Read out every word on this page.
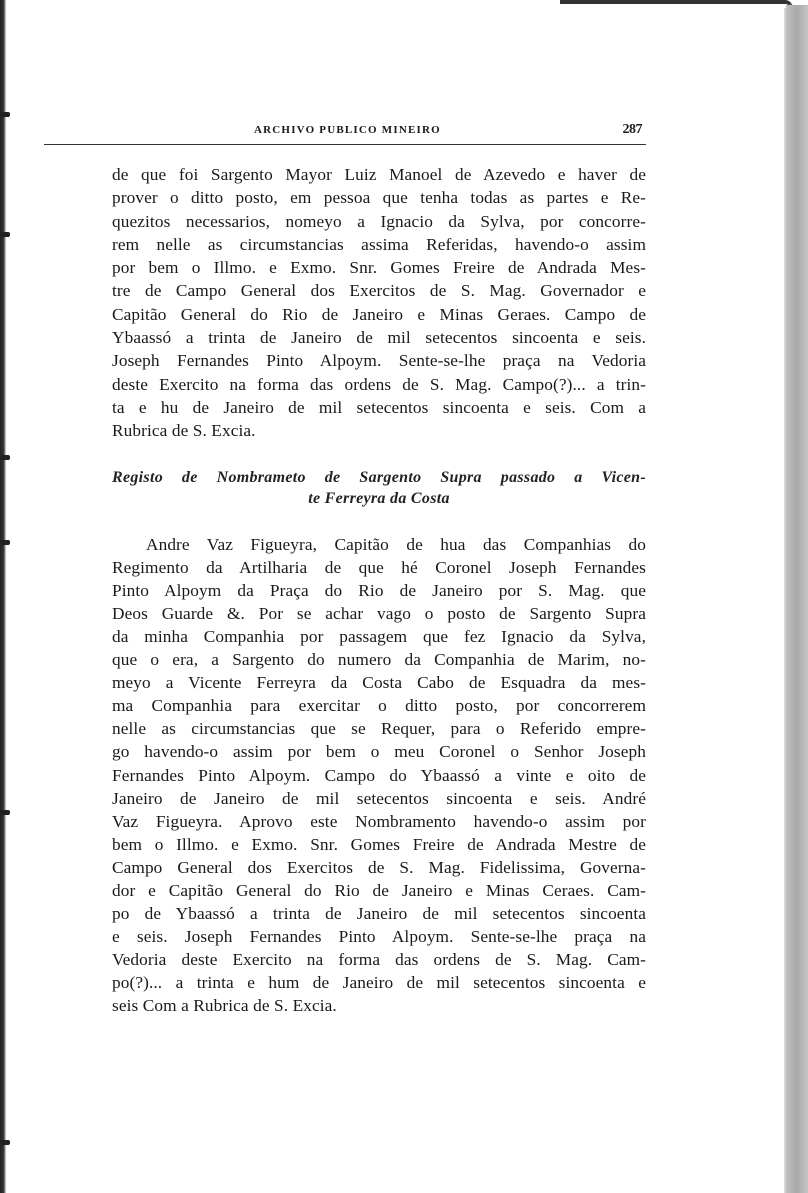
ARCHIVO PUBLICO MINEIRO	287
de que foi Sargento Mayor Luiz Manoel de Azevedo e haver de
prover o ditto posto, em pessoa que tenha todas as partes e Re-
quezitos necessarios, nomeyo a Ignacio da Sylva, por concorre-
rem nelle as circumstancias assima Referidas, havendo-o assim
por bem o Illmo. e Exmo. Snr. Gomes Freire de Andrada Mes-
tre de Campo General dos Exercitos de S. Mag. Governador e
Capitão General do Rio de Janeiro e Minas Geraes. Campo de
Ybaassó a trinta de Janeiro de mil setecentos sincoenta e seis.
Joseph Fernandes Pinto Alpoym. Sente-se-lhe praça na Vedoria
deste Exercito na forma das ordens de S. Mag. Campo(?)... a trin-
ta e hu de Janeiro de mil setecentos sincoenta e seis. Com a
Rubrica de S. Excia.
Registo de Nombrameto de Sargento Supra passado a Vicen-
te Ferreyra da Costa
Andre Vaz Figueyra, Capitão de hua das Companhias do
Regimento da Artilharia de que hé Coronel Joseph Fernandes
Pinto Alpoym da Praça do Rio de Janeiro por S. Mag. que
Deos Guarde &. Por se achar vago o posto de Sargento Supra
da minha Companhia por passagem que fez Ignacio da Sylva,
que o era, a Sargento do numero da Companhia de Marim, no-
meyo a Vicente Ferreyra da Costa Cabo de Esquadra da mes-
ma Companhia para exercitar o ditto posto, por concorrerem
nelle as circumstancias que se Requer, para o Referido empre-
go havendo-o assim por bem o meu Coronel o Senhor Joseph
Fernandes Pinto Alpoym. Campo do Ybaassó a vinte e oito de
Janeiro de Janeiro de mil setecentos sincoenta e seis. André
Vaz Figueyra. Aprovo este Nombramento havendo-o assim por
bem o Illmo. e Exmo. Snr. Gomes Freire de Andrada Mestre de
Campo General dos Exercitos de S. Mag. Fidelissima, Governa-
dor e Capitão General do Rio de Janeiro e Minas Ceraes. Cam-
po de Ybaassó a trinta de Janeiro de mil setecentos sincoenta
e seis. Joseph Fernandes Pinto Alpoym. Sente-se-lhe praça na
Vedoria deste Exercito na forma das ordens de S. Mag. Cam-
po(?)... a trinta e hum de Janeiro de mil setecentos sincoenta e
seis Com a Rubrica de S. Excia.
